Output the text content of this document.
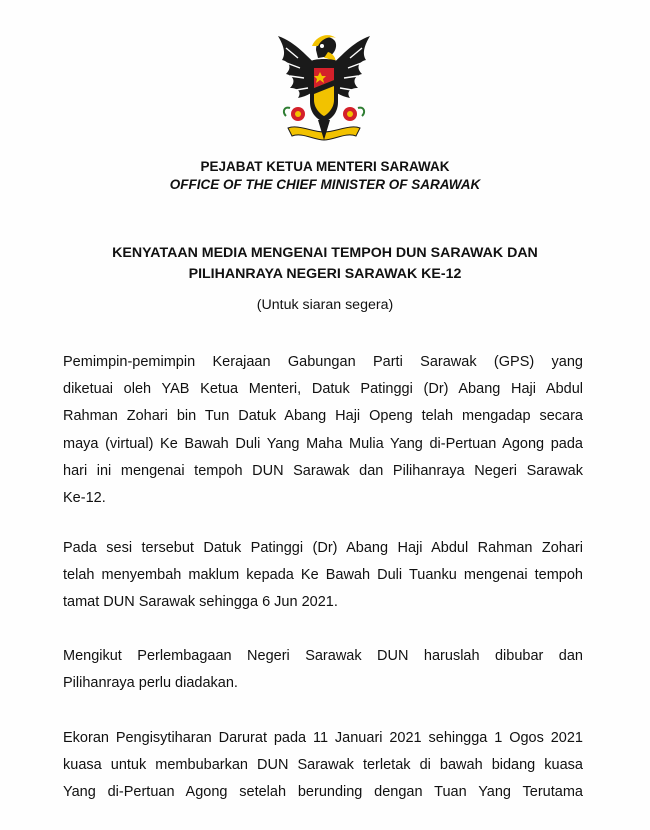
PEJABAT KETUA MENTERI SARAWAK
OFFICE OF THE CHIEF MINISTER OF SARAWAK
KENYATAAN MEDIA MENGENAI TEMPOH DUN SARAWAK DAN
PILIHANRAYA NEGERI SARAWAK KE-12
(Untuk siaran segera)
Pemimpin-pemimpin Kerajaan Gabungan Parti Sarawak (GPS) yang
diketuai oleh YAB Ketua Menteri, Datuk Patinggi (Dr) Abang Haji Abdul
Rahman Zohari bin Tun Datuk Abang Haji Openg telah mengadap secara
maya (virtual) Ke Bawah Duli Yang Maha Mulia Yang di-Pertuan Agong pada
hari ini mengenai tempoh DUN Sarawak dan Pilihanraya Negeri Sarawak
Ke-12.
Pada sesi tersebut Datuk Patinggi (Dr) Abang Haji Abdul Rahman Zohari
telah menyembah maklum kepada Ke Bawah Duli Tuanku mengenai tempoh
tamat DUN Sarawak sehingga 6 Jun 2021.
Mengikut Perlembagaan Negeri Sarawak DUN haruslah dibubar dan
Pilihanraya perlu diadakan.
Ekoran Pengisytiharan Darurat pada 11 Januari 2021 sehingga 1 Ogos 2021
kuasa untuk membubarkan DUN Sarawak terletak di bawah bidang kuasa
Yang di-Pertuan Agong setelah berunding dengan Tuan Yang Terutama
